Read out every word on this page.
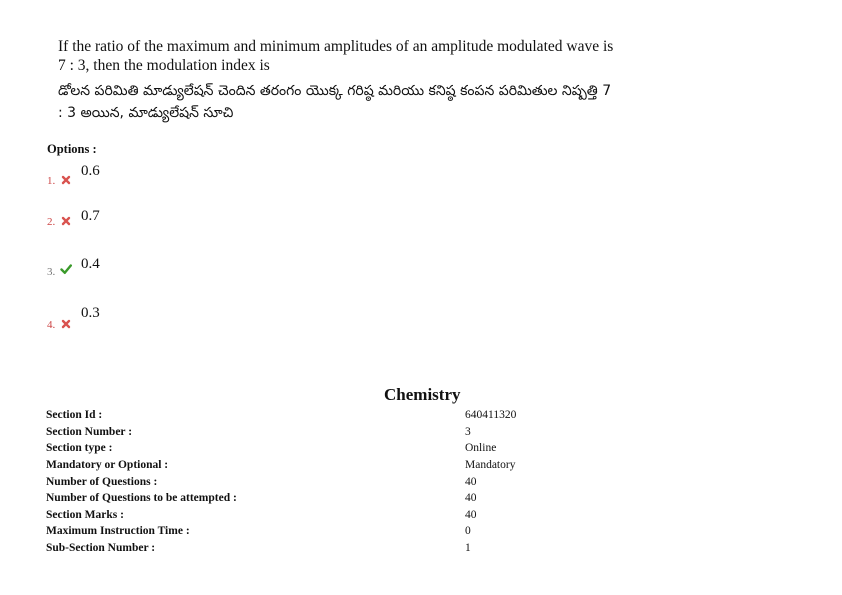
If the ratio of the maximum and minimum amplitudes of an amplitude modulated wave is 7 : 3, then the modulation index is
డోలన పరిమితి మాడ్యులేషన్ చెందిన తరంగం యొక్క గరిష్ఠ మరియు కనిష్ఠ కంపన పరిమితుల నిష్పత్తి 7 : 3 అయిన, మాడ్యులేషన్ సూచి
Options :
1.
0.6
2. 0.7
3. 0.4
4.
0.3
Chemistry
Section Id :	640411320
Section Number :	3
Section type :	Online
Mandatory or Optional :	Mandatory
Number of Questions :	40
Number of Questions to be attempted :	40
Section Marks :	40
Maximum Instruction Time :	0
Sub-Section Number :	1
